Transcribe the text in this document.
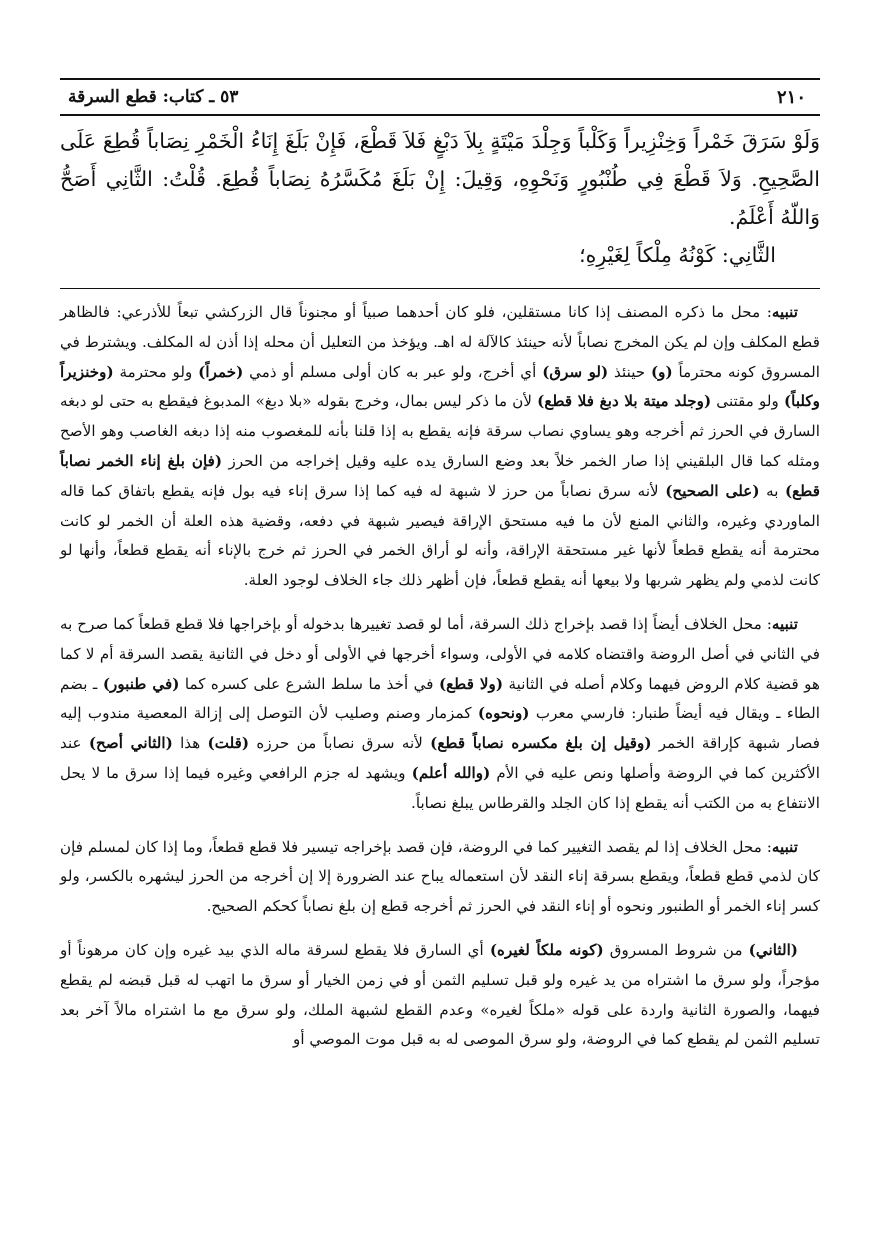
٢١٠
٥٣ ـ كتاب: قطع السرقة

وَلَوْ سَرَقَ خَمْراً وَخِنْزِيراً وَكَلْباً وَجِلْدَ مَيْتَةٍ بِلاَ دَبْغٍ فَلاَ قَطْعَ، فَإِنْ بَلَغَ إِنَاءُ الْخَمْرِ نِصَاباً قُطِعَ عَلَى الصَّحِيحِ. وَلاَ قَطْعَ فِي طُنْبُورٍ وَنَحْوِهِ، وَقِيلَ: إِنْ بَلَغَ مُكَسَّرُهُ نِصَاباً قُطِعَ. قُلْتُ: الثَّانِي أَصَحُّ وَاللّهُ أَعْلَمُ.

الثَّانِي: كَوْنُهُ مِلْكاً لِغَيْرِهِ؛

تنبيه: محل ما ذكره المصنف إذا كانا مستقلين، فلو كان أحدهما صبياً أو مجنوناً قال الزركشي تبعاً للأذرعي: فالظاهر قطع المكلف وإن لم يكن المخرج نصاباً لأنه حينئذ كالآلة له اهـ. ويؤخذ من التعليل أن محله إذا أذن له المكلف. ويشترط في المسروق كونه محترماً (و) حينئذ (لو سرق) أي أخرج، ولو عبر به كان أولى مسلم أو ذمي (خمراً) ولو محترمة (وخنزيراً وكلباً) ولو مقتنى (وجلد ميتة بلا دبغ فلا قطع) لأن ما ذكر ليس بمال، وخرج بقوله «بلا دبغ» المدبوغ فيقطع به حتى لو دبغه السارق في الحرز ثم أخرجه وهو يساوي نصاب سرقة فإنه يقطع به إذا قلنا بأنه للمغصوب منه إذا دبغه الغاصب وهو الأصح ومثله كما قال البلقيني إذا صار الخمر خلاً بعد وضع السارق يده عليه وقيل إخراجه من الحرز (فإن بلغ إناء الخمر نصاباً قطع) به (على الصحيح) لأنه سرق نصاباً من حرز لا شبهة له فيه كما إذا سرق إناء فيه بول فإنه يقطع باتفاق كما قاله الماوردي وغيره، والثاني المنع لأن ما فيه مستحق الإراقة فيصير شبهة في دفعه، وقضية هذه العلة أن الخمر لو كانت محترمة أنه يقطع قطعاً لأنها غير مستحقة الإراقة، وأنه لو أراق الخمر في الحرز ثم خرج بالإناء أنه يقطع قطعاً، وأنها لو كانت لذمي ولم يظهر شربها ولا بيعها أنه يقطع قطعاً، فإن أظهر ذلك جاء الخلاف لوجود العلة.

تنبيه: محل الخلاف أيضاً إذا قصد بإخراج ذلك السرقة، أما لو قصد تغييرها بدخوله أو بإخراجها فلا قطع قطعاً كما صرح به في الثاني في أصل الروضة واقتضاه كلامه في الأولى، وسواء أخرجها في الأولى أو دخل في الثانية يقصد السرقة أم لا كما هو قضية كلام الروض فيهما وكلام أصله في الثانية (ولا قطع) في أخذ ما سلط الشرع على كسره كما (في طنبور) ـ بضم الطاء ـ ويقال فيه أيضاً طنبار: فارسي معرب (ونحوه) كمزمار وصنم وصليب لأن التوصل إلى إزالة المعصية مندوب إليه فصار شبهة كإراقة الخمر (وقيل إن بلغ مكسره نصاباً قطع) لأنه سرق نصاباً من حرزه (قلت) هذا (الثاني أصح) عند الأكثرين كما في الروضة وأصلها ونص عليه في الأم (والله أعلم) ويشهد له جزم الرافعي وغيره فيما إذا سرق ما لا يحل الانتفاع به من الكتب أنه يقطع إذا كان الجلد والقرطاس يبلغ نصاباً.

تنبيه: محل الخلاف إذا لم يقصد التغيير كما في الروضة، فإن قصد بإخراجه تيسير فلا قطع قطعاً، وما إذا كان لمسلم فإن كان لذمي قطع قطعاً، ويقطع بسرقة إناء النقد لأن استعماله يباح عند الضرورة إلا إن أخرجه من الحرز ليشهره بالكسر، ولو كسر إناء الخمر أو الطنبور ونحوه أو إناء النقد في الحرز ثم أخرجه قطع إن بلغ نصاباً كحكم الصحيح.

(الثاني) من شروط المسروق (كونه ملكاً لغيره) أي السارق فلا يقطع لسرقة ماله الذي بيد غيره وإن كان مرهوناً أو مؤجراً، ولو سرق ما اشتراه من يد غيره ولو قبل تسليم الثمن أو في زمن الخيار أو سرق ما اتهب له قبل قبضه لم يقطع فيهما، والصورة الثانية واردة على قوله «ملكاً لغيره» وعدم القطع لشبهة الملك، ولو سرق مع ما اشتراه مالاً آخر بعد تسليم الثمن لم يقطع كما في الروضة، ولو سرق الموصى له به قبل موت الموصي أو
